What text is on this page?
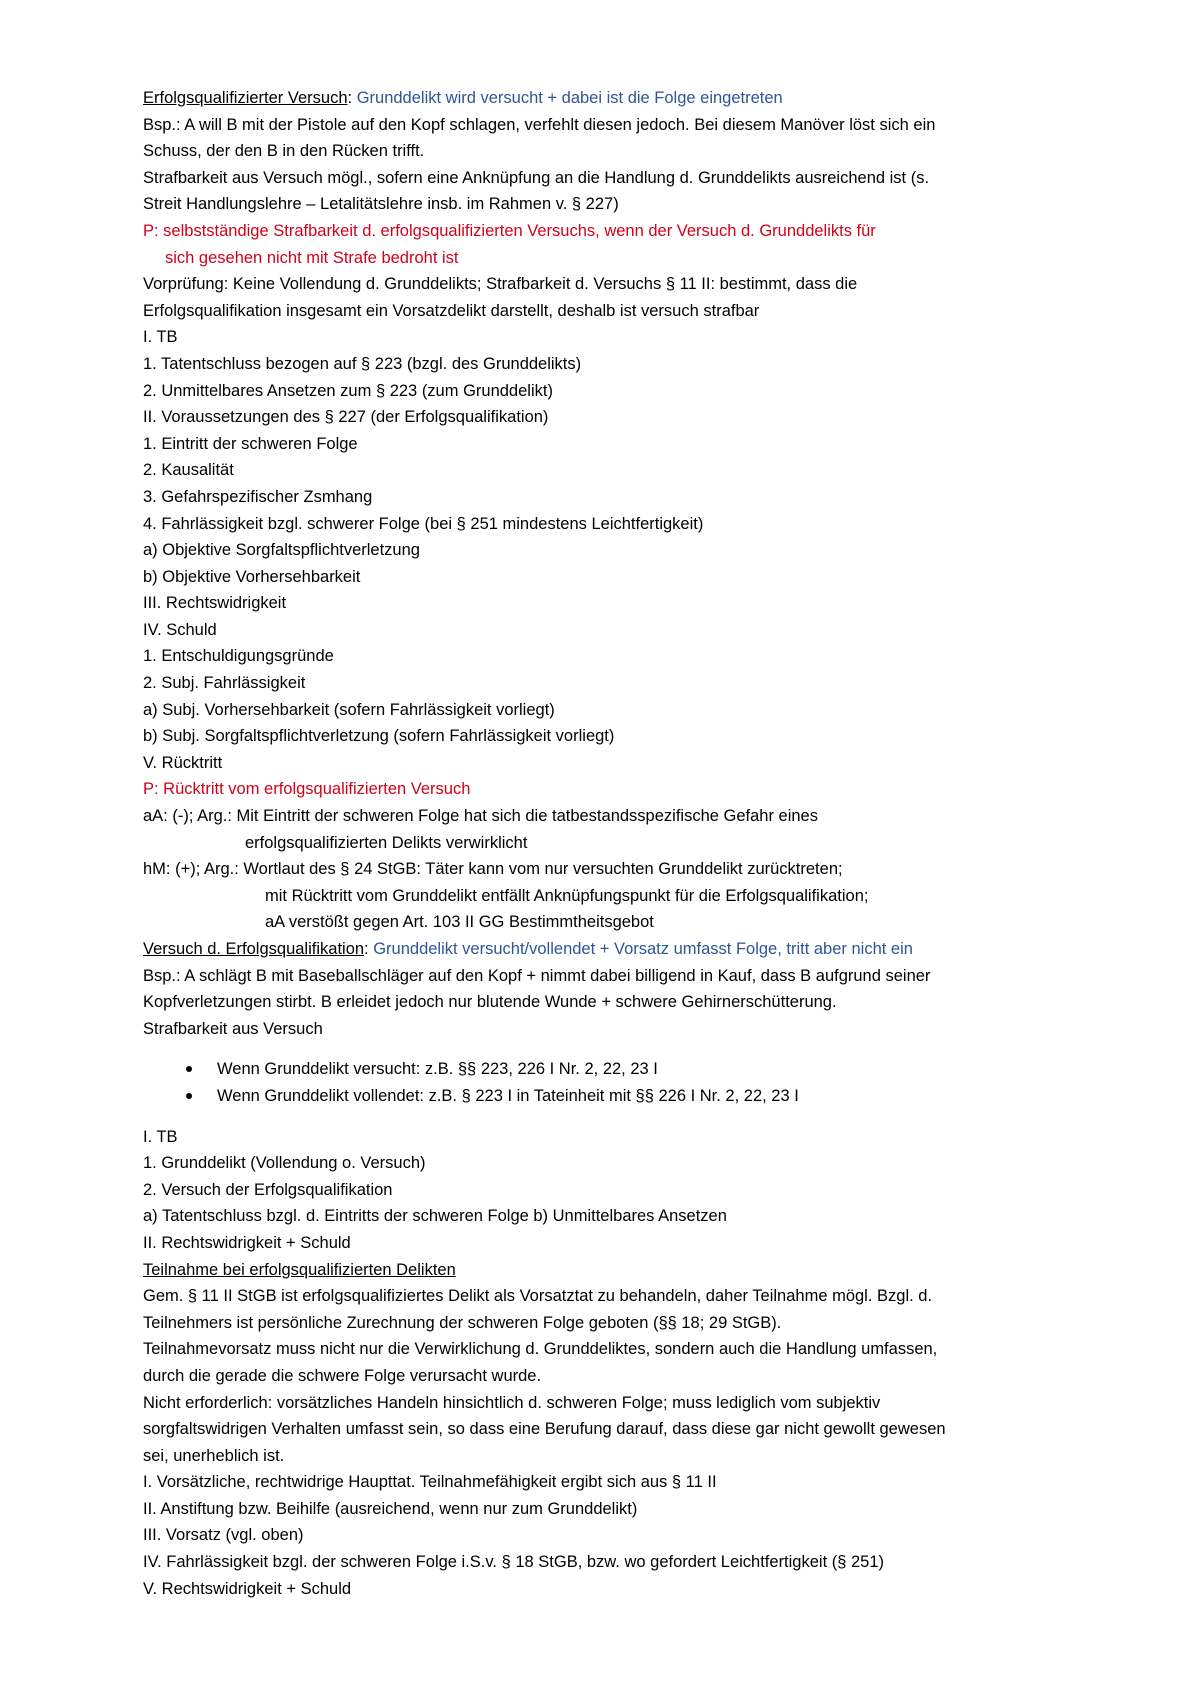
Erfolgsqualifizierter Versuch: Grunddelikt wird versucht + dabei ist die Folge eingetreten

Bsp.: A will B mit der Pistole auf den Kopf schlagen, verfehlt diesen jedoch. Bei diesem Manöver löst sich ein

Schuss, der den B in den Rücken trifft.

Strafbarkeit aus Versuch mögl., sofern eine Anknüpfung an die Handlung d. Grunddelikts ausreichend ist (s.

Streit Handlungslehre – Letalitätslehre insb. im Rahmen v. § 227)

P: selbstständige Strafbarkeit d. erfolgsqualifizierten Versuchs, wenn der Versuch d. Grunddelikts für

sich gesehen nicht mit Strafe bedroht ist

Vorprüfung: Keine Vollendung d. Grunddelikts; Strafbarkeit d. Versuchs § 11 II: bestimmt, dass die

Erfolgsqualifikation insgesamt ein Vorsatzdelikt darstellt, deshalb ist versuch strafbar

I. TB

1. Tatentschluss bezogen auf § 223 (bzgl. des Grunddelikts)

2. Unmittelbares Ansetzen zum § 223 (zum Grunddelikt)

II. Voraussetzungen des § 227 (der Erfolgsqualifikation)

1. Eintritt der schweren Folge

2. Kausalität

3. Gefahrspezifischer Zsmhang

4. Fahrlässigkeit bzgl. schwerer Folge (bei § 251 mindestens Leichtfertigkeit)

a) Objektive Sorgfaltspflichtverletzung

b) Objektive Vorhersehbarkeit

III. Rechtswidrigkeit

IV. Schuld

1. Entschuldigungsgründe

2. Subj. Fahrlässigkeit

a) Subj. Vorhersehbarkeit (sofern Fahrlässigkeit vorliegt)

b) Subj. Sorgfaltspflichtverletzung (sofern Fahrlässigkeit vorliegt)

V. Rücktritt

P: Rücktritt vom erfolgsqualifizierten Versuch

aA: (-); Arg.: Mit Eintritt der schweren Folge hat sich die tatbestandsspezifische Gefahr eines

erfolgsqualifizierten Delikts verwirklicht

hM: (+); Arg.: Wortlaut des § 24 StGB: Täter kann vom nur versuchten Grunddelikt zurücktreten;

mit Rücktritt vom Grunddelikt entfällt Anknüpfungspunkt für die Erfolgsqualifikation;

aA verstößt gegen Art. 103 II GG Bestimmtheitsgebot

Versuch d. Erfolgsqualifikation: Grunddelikt versucht/vollendet + Vorsatz umfasst Folge, tritt aber nicht ein

Bsp.: A schlägt B mit Baseballschläger auf den Kopf + nimmt dabei billigend in Kauf, dass B aufgrund seiner

Kopfverletzungen stirbt. B erleidet jedoch nur blutende Wunde + schwere Gehirnerschütterung.

Strafbarkeit aus Versuch

Wenn Grunddelikt versucht: z.B. §§ 223, 226 I Nr. 2, 22, 23 I
Wenn Grunddelikt vollendet: z.B. § 223 I in Tateinheit mit §§ 226 I Nr. 2, 22, 23 I

I. TB

1. Grunddelikt (Vollendung o. Versuch)

2. Versuch der Erfolgsqualifikation

a) Tatentschluss bzgl. d. Eintritts der schweren Folge b) Unmittelbares Ansetzen

II. Rechtswidrigkeit + Schuld

Teilnahme bei erfolgsqualifizierten Delikten

Gem. § 11 II StGB ist erfolgsqualifiziertes Delikt als Vorsatztat zu behandeln, daher Teilnahme mögl. Bzgl. d.

Teilnehmers ist persönliche Zurechnung der schweren Folge geboten (§§ 18; 29 StGB).

Teilnahmevorsatz muss nicht nur die Verwirklichung d. Grunddeliktes, sondern auch die Handlung umfassen,

durch die gerade die schwere Folge verursacht wurde.

Nicht erforderlich: vorsätzliches Handeln hinsichtlich d. schweren Folge; muss lediglich vom subjektiv

sorgfaltswidrigen Verhalten umfasst sein, so dass eine Berufung darauf, dass diese gar nicht gewollt gewesen

sei, unerheblich ist.

I. Vorsätzliche, rechtwidrige Haupttat. Teilnahmefähigkeit ergibt sich aus § 11 II

II. Anstiftung bzw. Beihilfe (ausreichend, wenn nur zum Grunddelikt)

III. Vorsatz (vgl. oben)

IV. Fahrlässigkeit bzgl. der schweren Folge i.S.v. § 18 StGB, bzw. wo gefordert Leichtfertigkeit (§ 251)

V. Rechtswidrigkeit + Schuld
